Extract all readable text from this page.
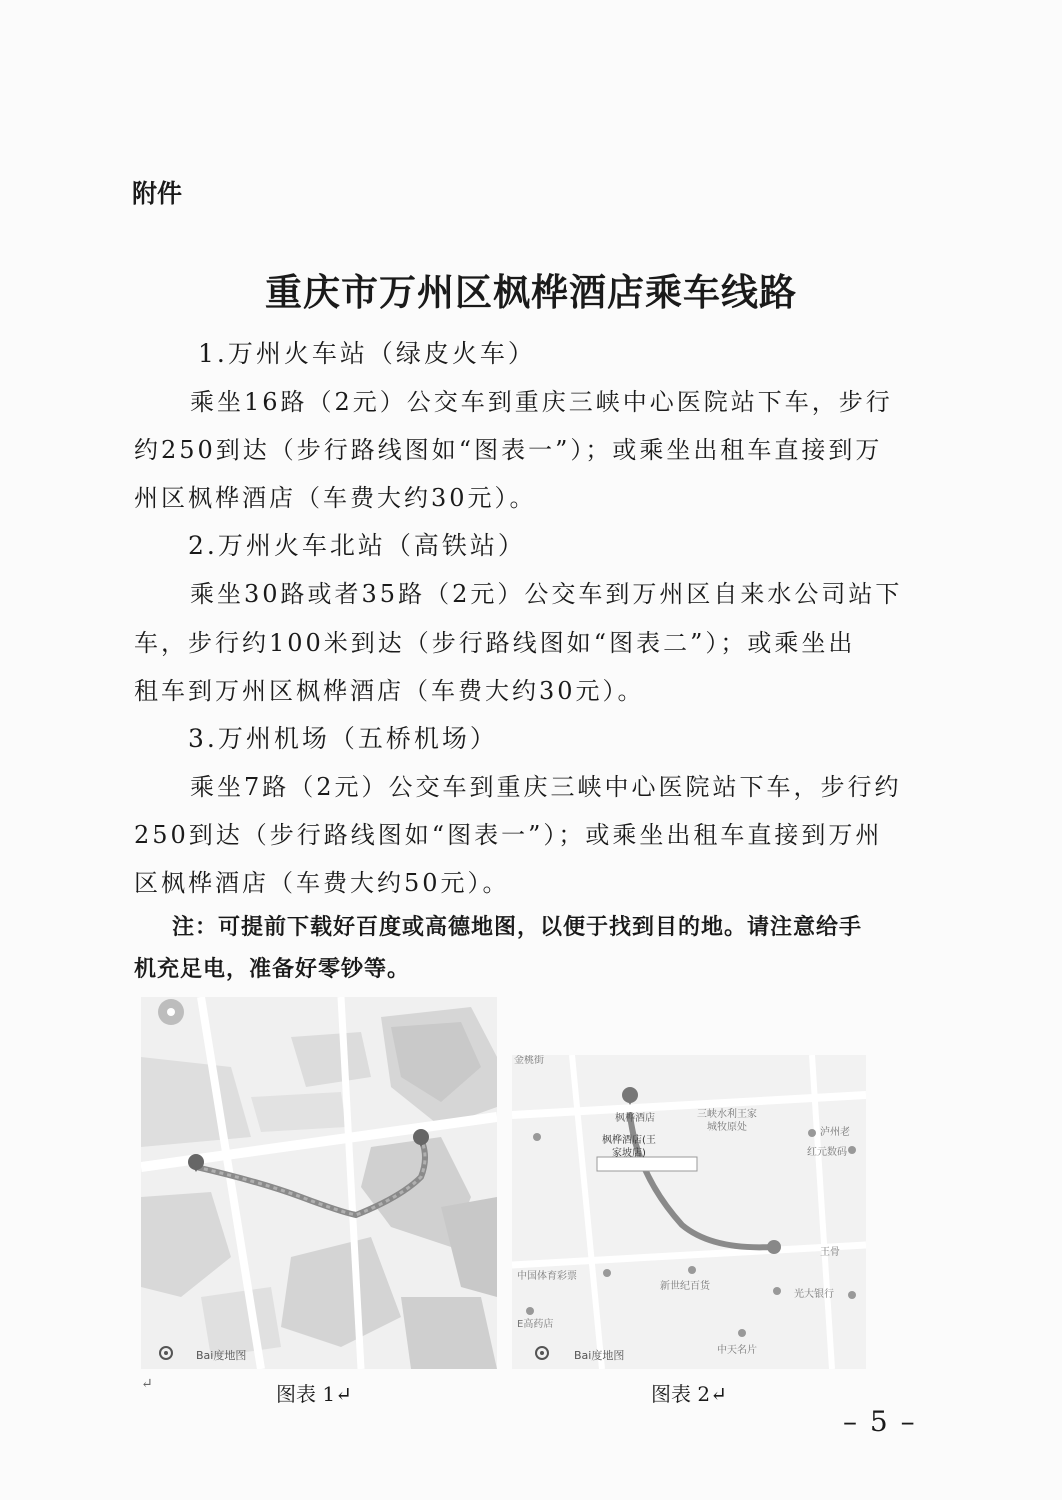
附件
重庆市万州区枫桦酒店乘车线路
1.万州火车站（绿皮火车）
乘坐16路（2元）公交车到重庆三峡中心医院站下车，步行
约250到达（步行路线图如“图表一”）；或乘坐出租车直接到万
州区枫桦酒店（车费大约30元）。
2.万州火车北站（高铁站）
乘坐30路或者35路（2元）公交车到万州区自来水公司站下
车，步行约100米到达（步行路线图如“图表二”）；或乘坐出
租车到万州区枫桦酒店（车费大约30元）。
3.万州机场（五桥机场）
乘坐7路（2元）公交车到重庆三峡中心医院站下车，步行约
250到达（步行路线图如“图表一”）；或乘坐出租车直接到万州
区枫桦酒店（车费大约50元）。
注：可提前下载好百度或高德地图，以便于找到目的地。请注意给手
机充足电，准备好零钞等。
Bai度地图
金桃街
枫桦酒店
枫桦酒店(王
家坡店)
三峡水利王家
城牧原处	泸州老
红元数码
王骨
中国体育彩票
新世纪百货
光大银行
E高药店
中天名片
Bai度地图
↵	图表 1↵	图表 2↵
– 5 –
